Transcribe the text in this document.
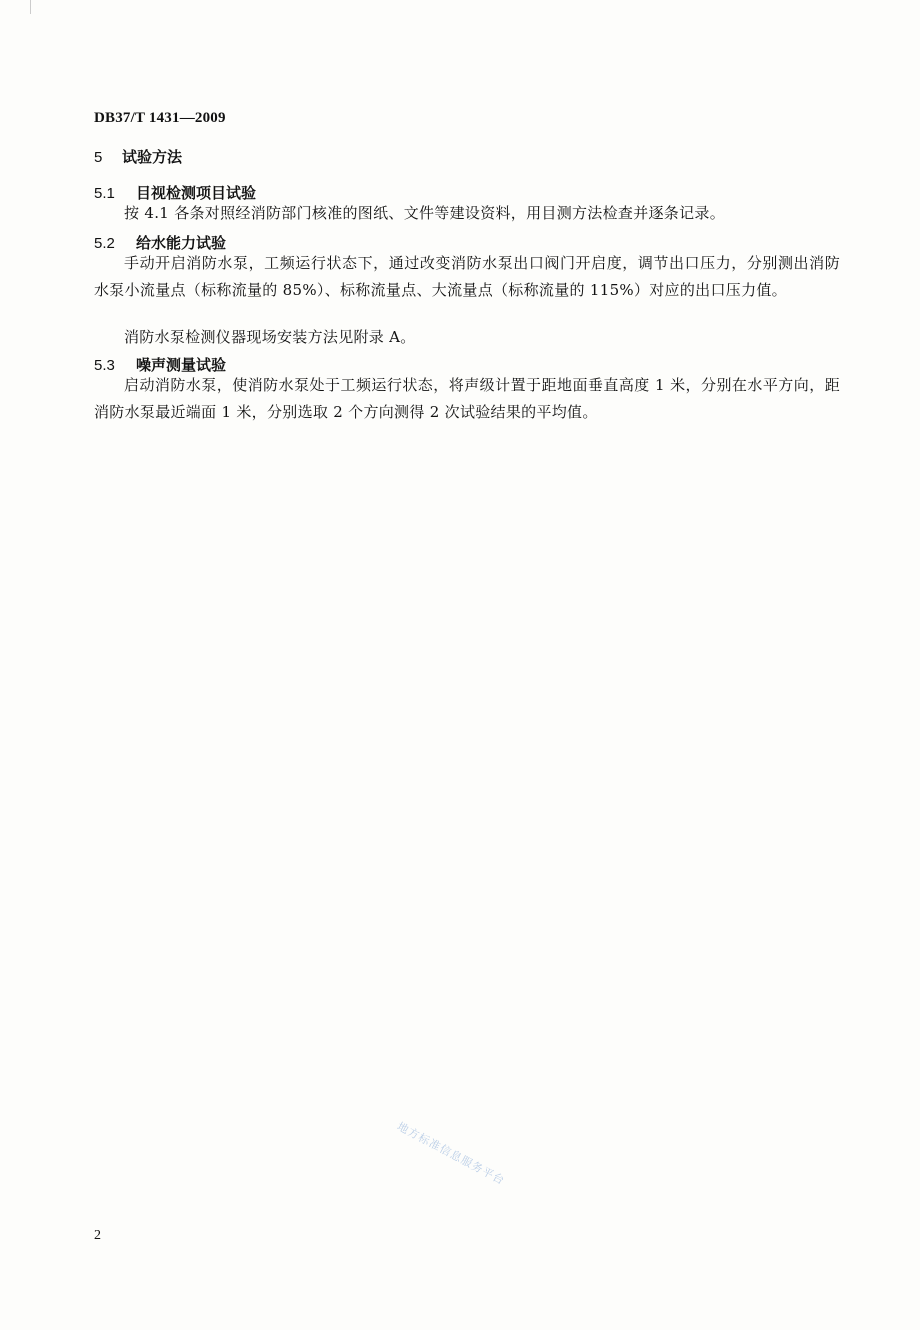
DB37/T 1431—2009
5 试验方法
5.1 目视检测项目试验
按 4.1 各条对照经消防部门核准的图纸、文件等建设资料，用目测方法检查并逐条记录。
5.2 给水能力试验
手动开启消防水泵，工频运行状态下，通过改变消防水泵出口阀门开启度，调节出口压力，分别测出消防水泵小流量点（标称流量的 85%）、标称流量点、大流量点（标称流量的 115%）对应的出口压力值。
消防水泵检测仪器现场安装方法见附录 A。
5.3 噪声测量试验
启动消防水泵，使消防水泵处于工频运行状态，将声级计置于距地面垂直高度 1 米，分别在水平方向，距消防水泵最近端面 1 米，分别选取 2 个方向测得 2 次试验结果的平均值。
地方标准信息服务平台
2
